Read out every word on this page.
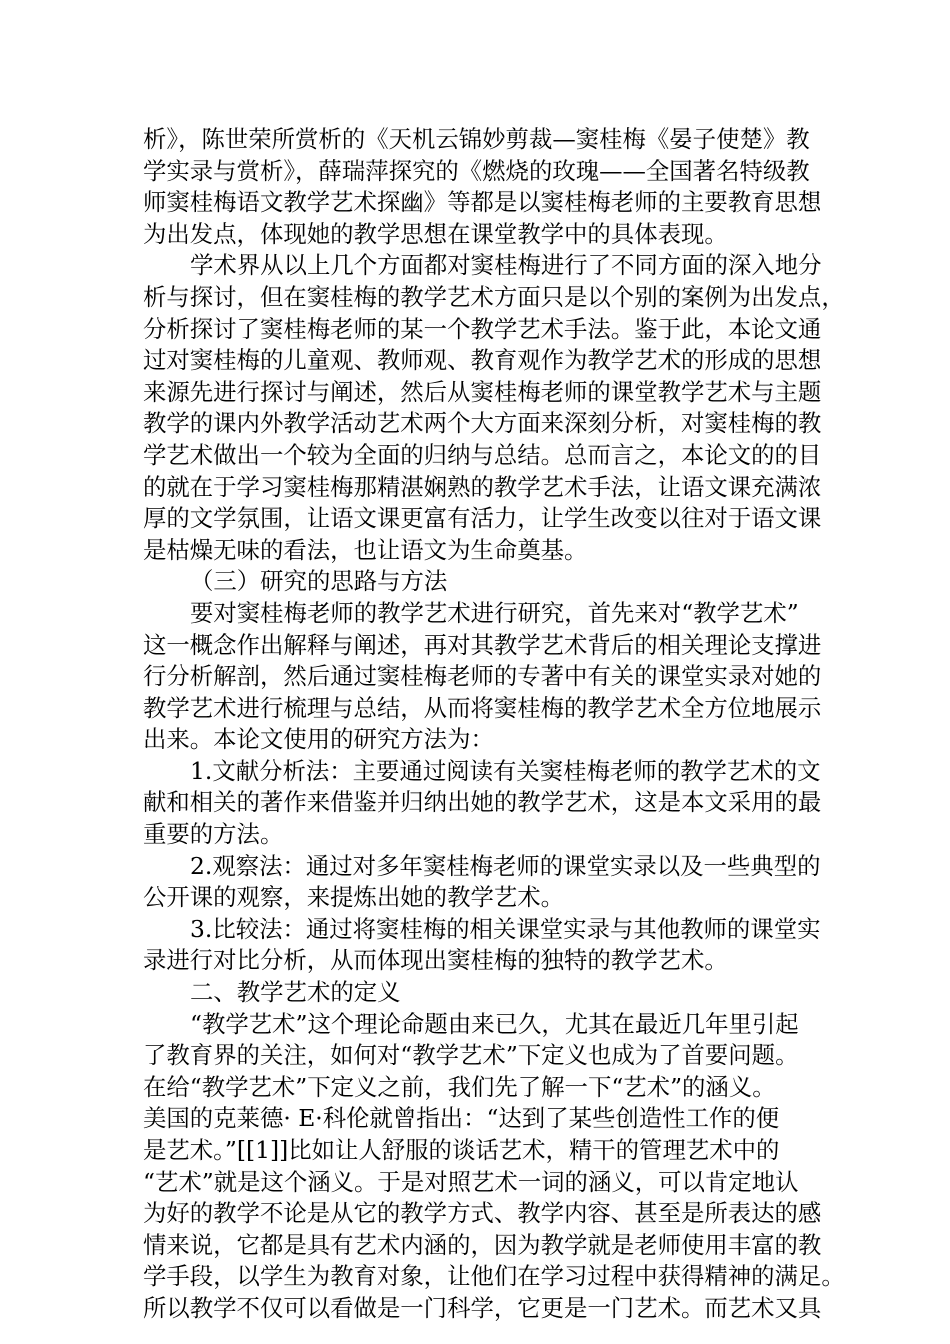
析》，陈世荣所赏析的《天机云锦妙剪裁—窦桂梅《晏子使楚》教
学实录与赏析》，薛瑞萍探究的《燃烧的玫瑰——全国著名特级教
师窦桂梅语文教学艺术探幽》等都是以窦桂梅老师的主要教育思想
为出发点，体现她的教学思想在课堂教学中的具体表现。
学术界从以上几个方面都对窦桂梅进行了不同方面的深入地分
析与探讨，但在窦桂梅的教学艺术方面只是以个别的案例为出发点，
分析探讨了窦桂梅老师的某一个教学艺术手法。鉴于此，本论文通
过对窦桂梅的儿童观、教师观、教育观作为教学艺术的形成的思想
来源先进行探讨与阐述，然后从窦桂梅老师的课堂教学艺术与主题
教学的课内外教学活动艺术两个大方面来深刻分析，对窦桂梅的教
学艺术做出一个较为全面的归纳与总结。总而言之，本论文的的目
的就在于学习窦桂梅那精湛娴熟的教学艺术手法，让语文课充满浓
厚的文学氛围，让语文课更富有活力，让学生改变以往对于语文课
是枯燥无味的看法，也让语文为生命奠基。
（三）研究的思路与方法
要对窦桂梅老师的教学艺术进行研究，首先来对“教学艺术”
这一概念作出解释与阐述，再对其教学艺术背后的相关理论支撑进
行分析解剖，然后通过窦桂梅老师的专著中有关的课堂实录对她的
教学艺术进行梳理与总结，从而将窦桂梅的教学艺术全方位地展示
出来。本论文使用的研究方法为：
1.文献分析法：主要通过阅读有关窦桂梅老师的教学艺术的文
献和相关的著作来借鉴并归纳出她的教学艺术，这是本文采用的最
重要的方法。
2.观察法：通过对多年窦桂梅老师的课堂实录以及一些典型的
公开课的观察，来提炼出她的教学艺术。
3.比较法：通过将窦桂梅的相关课堂实录与其他教师的课堂实
录进行对比分析，从而体现出窦桂梅的独特的教学艺术。
二、教学艺术的定义
“教学艺术”这个理论命题由来已久，尤其在最近几年里引起
了教育界的关注，如何对“教学艺术”下定义也成为了首要问题。
在给“教学艺术”下定义之前，我们先了解一下“艺术”的涵义。
美国的克莱德· E·科伦就曾指出：“达到了某些创造性工作的便
是艺术。”[[1]]比如让人舒服的谈话艺术，精干的管理艺术中的
“艺术”就是这个涵义。于是对照艺术一词的涵义，可以肯定地认
为好的教学不论是从它的教学方式、教学内容、甚至是所表达的感
情来说，它都是具有艺术内涵的，因为教学就是老师使用丰富的教
学手段，以学生为教育对象，让他们在学习过程中获得精神的满足。
所以教学不仅可以看做是一门科学，它更是一门艺术。而艺术又具
